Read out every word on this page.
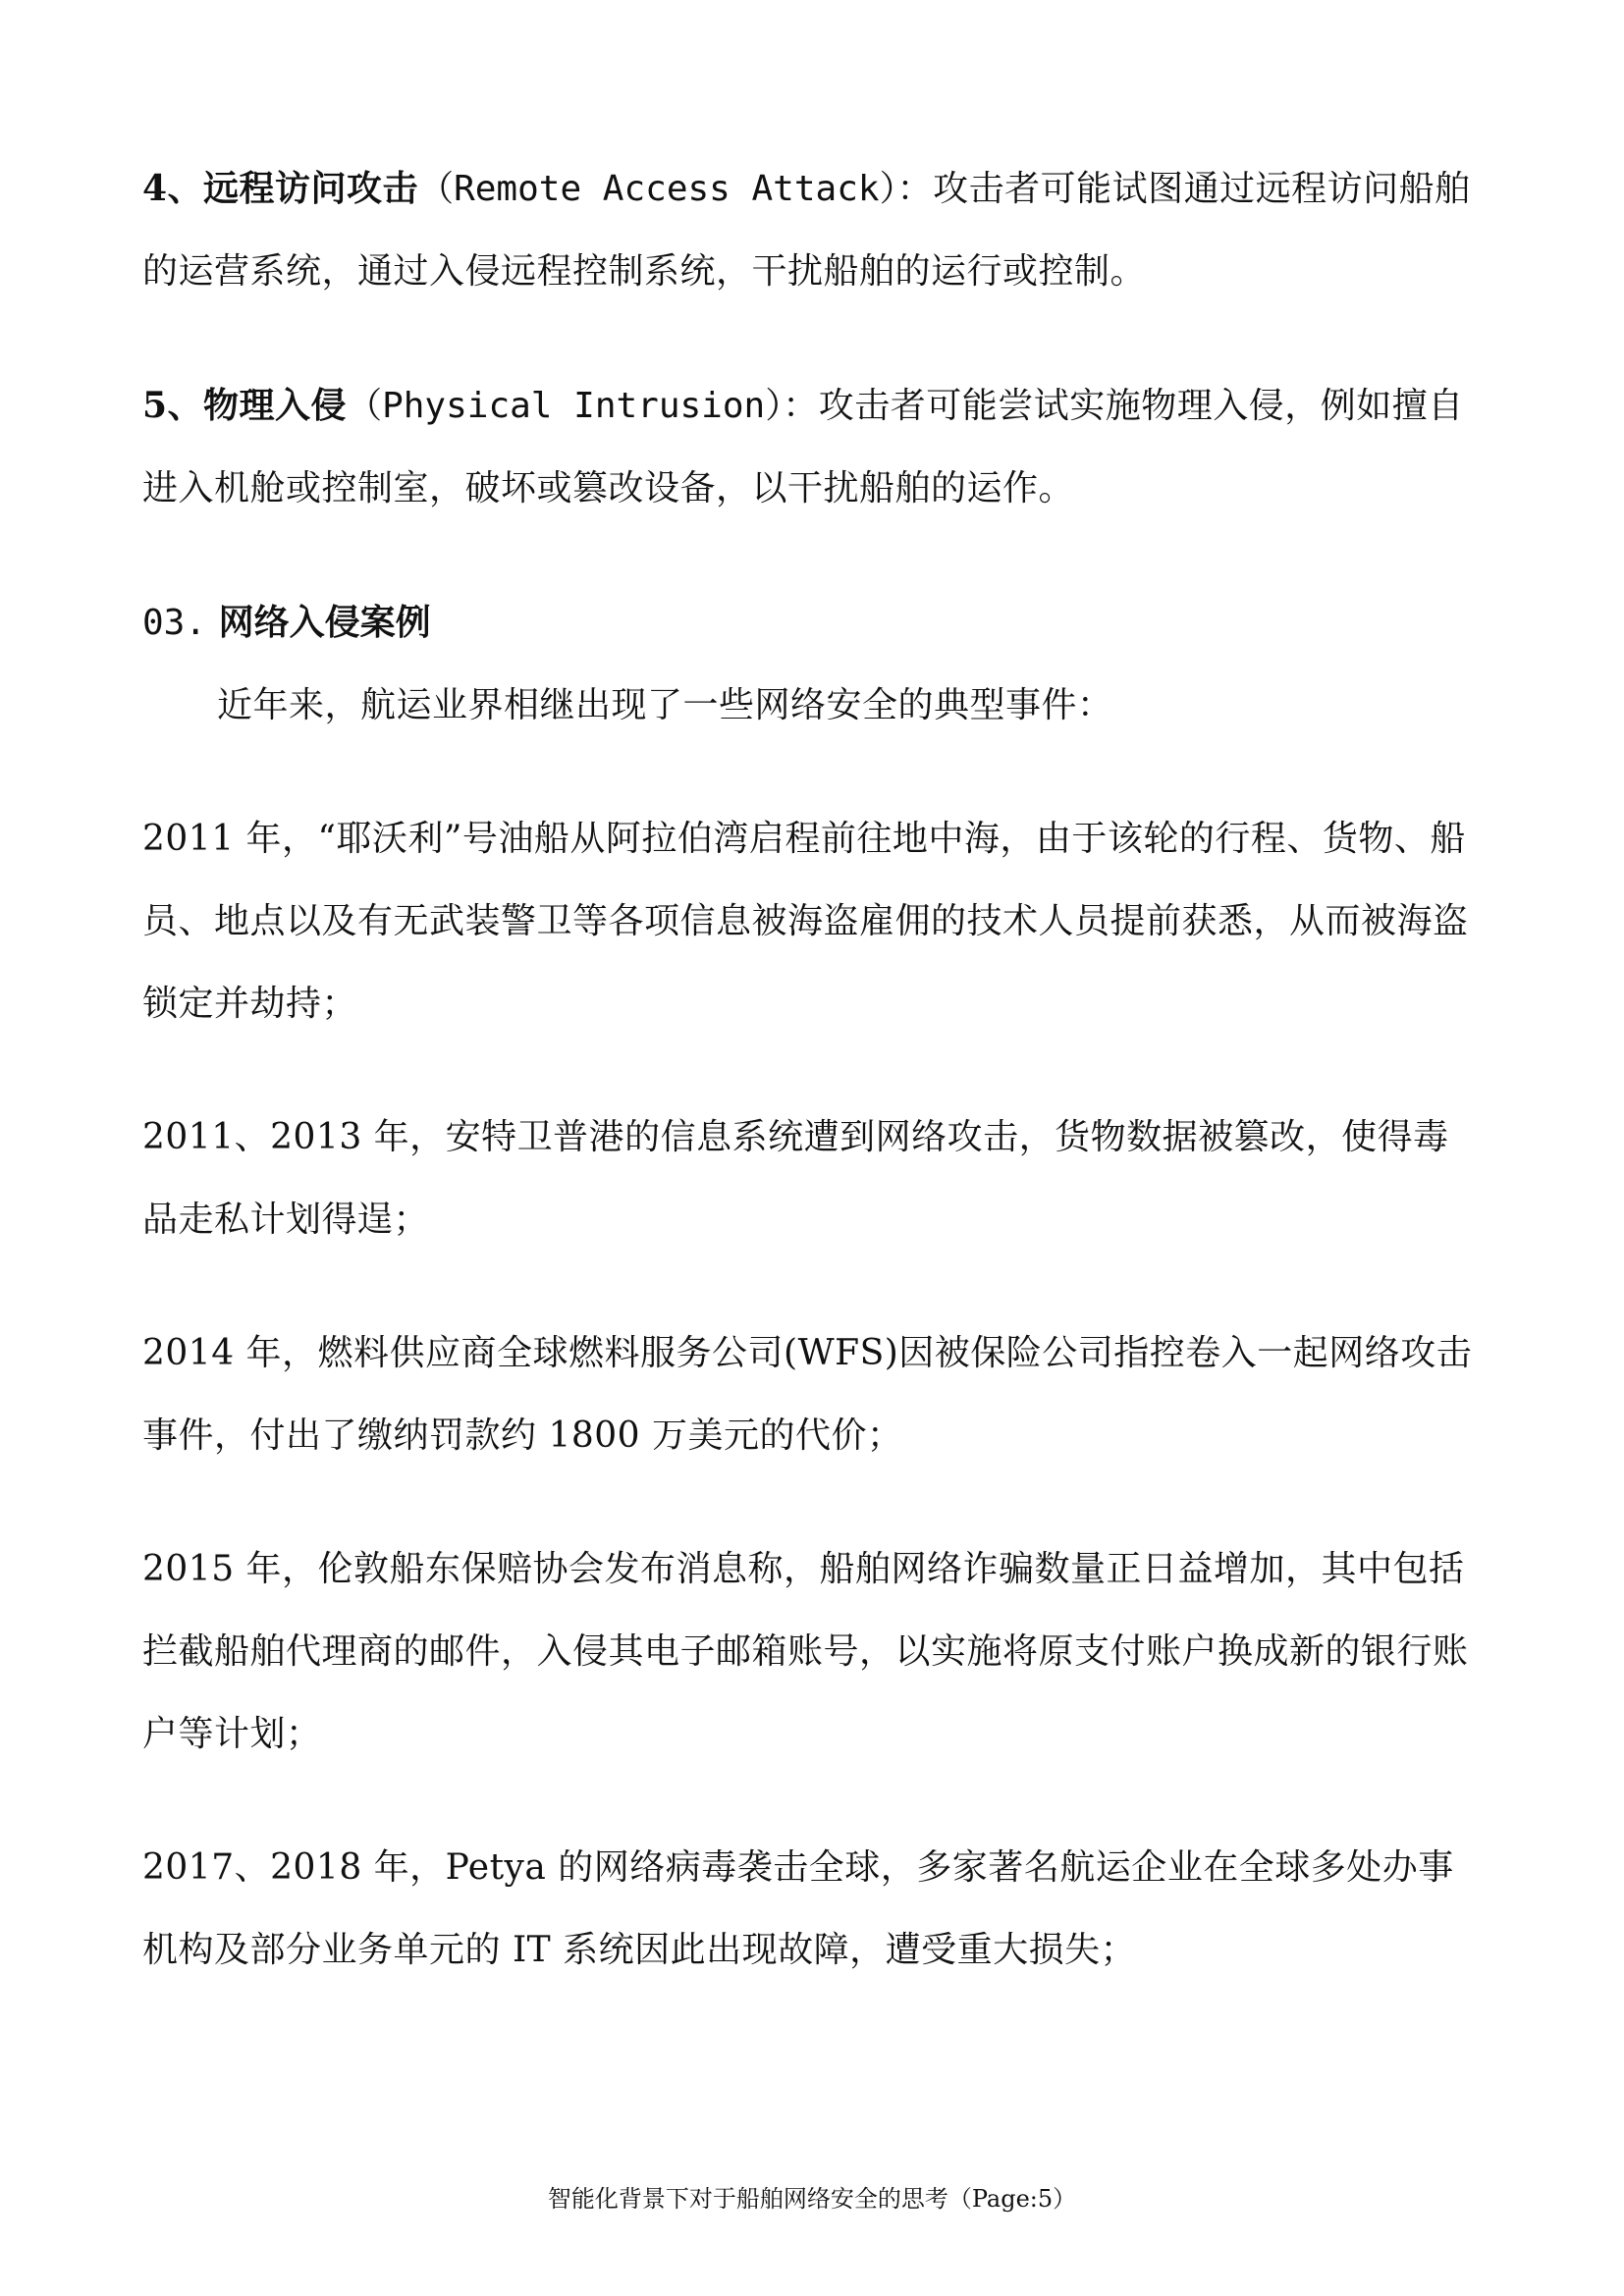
4、远程访问攻击（Remote Access Attack）：攻击者可能试图通过远程访问船舶的运营系统，通过入侵远程控制系统，干扰船舶的运行或控制。

5、物理入侵（Physical Intrusion）：攻击者可能尝试实施物理入侵，例如擅自进入机舱或控制室，破坏或篡改设备，以干扰船舶的运作。

03. 网络入侵案例

近年来，航运业界相继出现了一些网络安全的典型事件：

2011 年，“耶沃利”号油船从阿拉伯湾启程前往地中海，由于该轮的行程、货物、船员、地点以及有无武装警卫等各项信息被海盗雇佣的技术人员提前获悉，从而被海盗锁定并劫持；

2011、2013 年，安特卫普港的信息系统遭到网络攻击，货物数据被篡改，使得毒品走私计划得逞；

2014 年，燃料供应商全球燃料服务公司(WFS)因被保险公司指控卷入一起网络攻击事件，付出了缴纳罚款约 1800 万美元的代价；

2015 年，伦敦船东保赔协会发布消息称，船舶网络诈骗数量正日益增加，其中包括拦截船舶代理商的邮件，入侵其电子邮箱账号，以实施将原支付账户换成新的银行账户等计划；

2017、2018 年，Petya 的网络病毒袭击全球，多家著名航运企业在全球多处办事机构及部分业务单元的 IT 系统因此出现故障，遭受重大损失；

智能化背景下对于船舶网络安全的思考（Page:5）
